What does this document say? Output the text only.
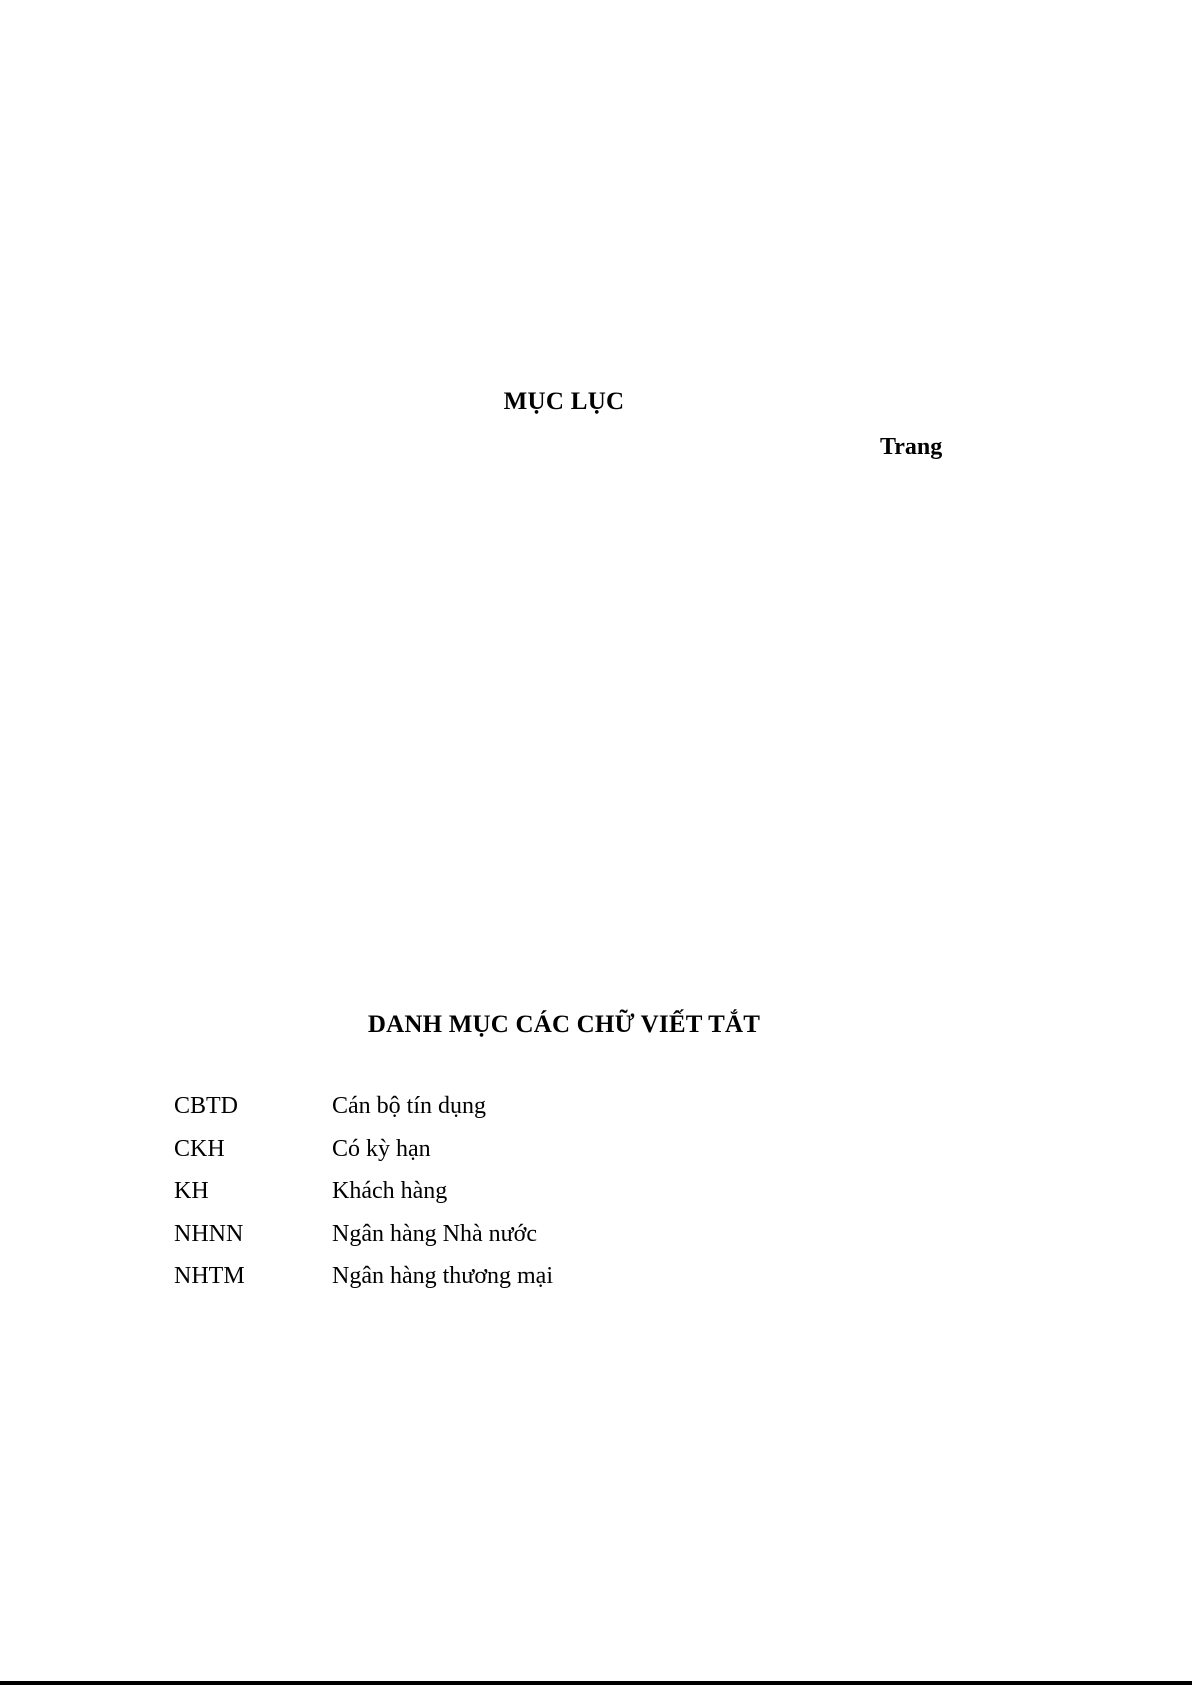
MỤC LỤC
Trang
DANH MỤC CÁC CHỮ VIẾT TẮT
CBTD	Cán bộ tín dụng
CKH	Có kỳ hạn
KH	Khách hàng
NHNN	Ngân hàng Nhà nước
NHTM	Ngân hàng thương mại
